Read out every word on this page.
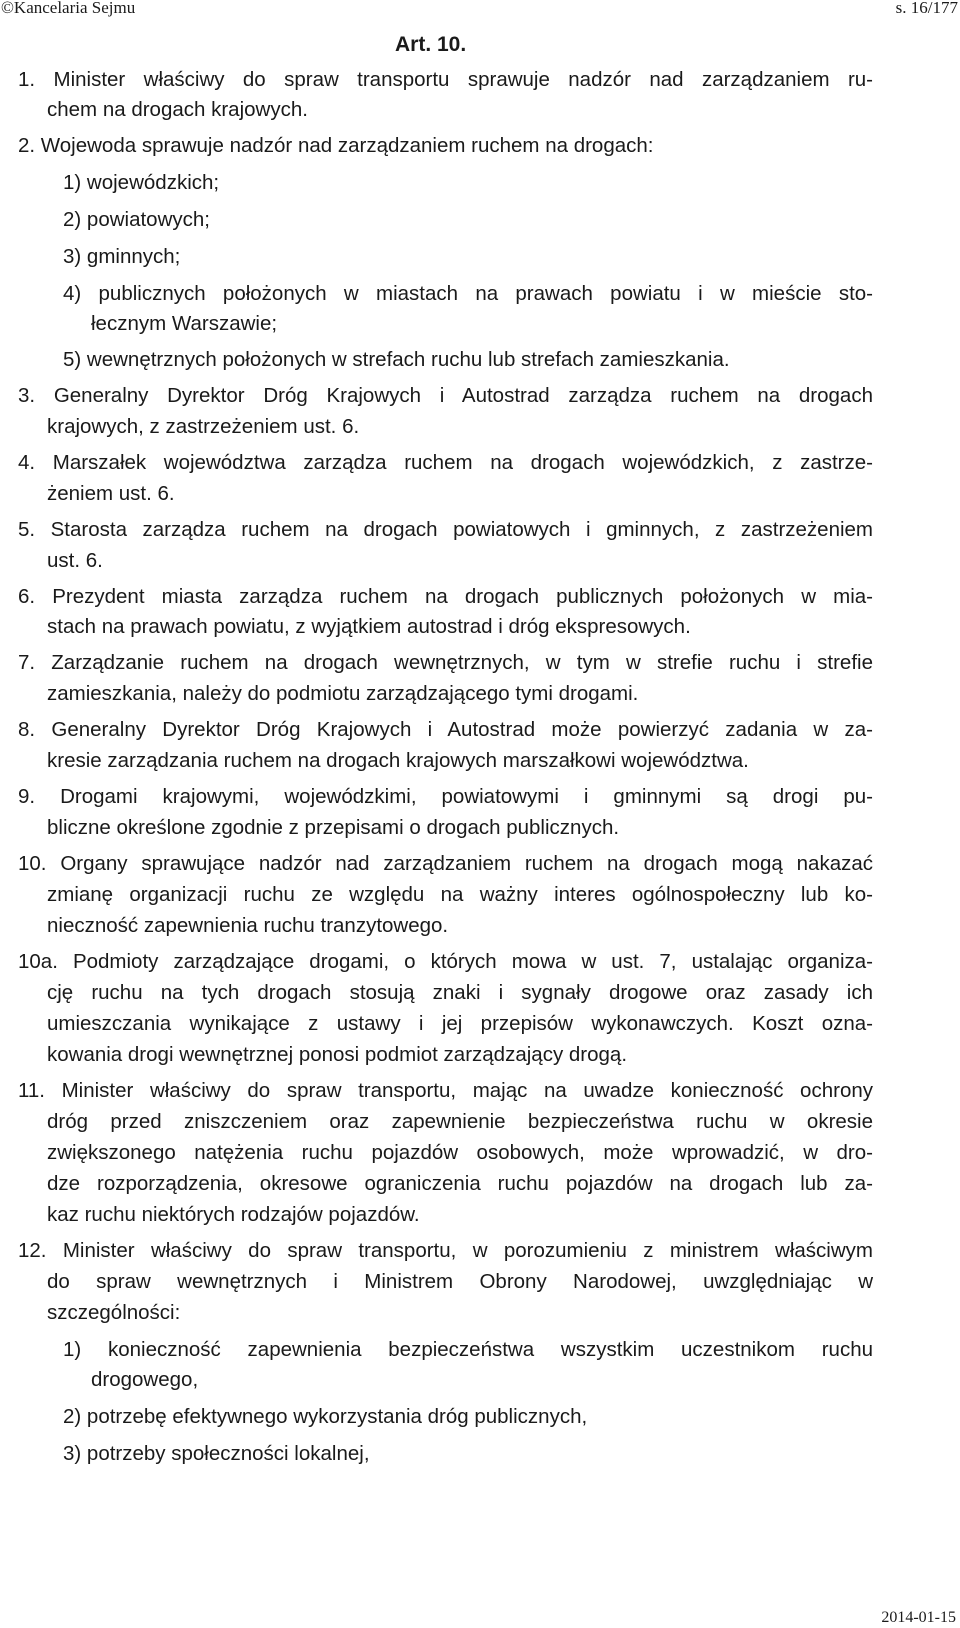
©Kancelaria Sejmu	s. 16/177
Art. 10.
1. Minister właściwy do spraw transportu sprawuje nadzór nad zarządzaniem ru-
chem na drogach krajowych.
2. Wojewoda sprawuje nadzór nad zarządzaniem ruchem na drogach:
1) wojewódzkich;
2) powiatowych;
3) gminnych;
4) publicznych położonych w miastach na prawach powiatu i w mieście sto-
łecznym Warszawie;
5) wewnętrznych położonych w strefach ruchu lub strefach zamieszkania.
3. Generalny Dyrektor Dróg Krajowych i Autostrad zarządza ruchem na drogach
krajowych, z zastrzeżeniem ust. 6.
4. Marszałek województwa zarządza ruchem na drogach wojewódzkich, z zastrze-
żeniem ust. 6.
5. Starosta zarządza ruchem na drogach powiatowych i gminnych, z zastrzeżeniem
ust. 6.
6. Prezydent miasta zarządza ruchem na drogach publicznych położonych w mia-
stach na prawach powiatu, z wyjątkiem autostrad i dróg ekspresowych.
7. Zarządzanie ruchem na drogach wewnętrznych, w tym w strefie ruchu i strefie
zamieszkania, należy do podmiotu zarządzającego tymi drogami.
8. Generalny Dyrektor Dróg Krajowych i Autostrad może powierzyć zadania w za-
kresie zarządzania ruchem na drogach krajowych marszałkowi województwa.
9. Drogami krajowymi, wojewódzkimi, powiatowymi i gminnymi są drogi pu-
bliczne określone zgodnie z przepisami o drogach publicznych.
10. Organy sprawujące nadzór nad zarządzaniem ruchem na drogach mogą nakazać
zmianę organizacji ruchu ze względu na ważny interes ogólnospołeczny lub ko-
nieczność zapewnienia ruchu tranzytowego.
10a. Podmioty zarządzające drogami, o których mowa w ust. 7, ustalając organiza-
cję ruchu na tych drogach stosują znaki i sygnały drogowe oraz zasady ich
umieszczania wynikające z ustawy i jej przepisów wykonawczych. Koszt ozna-
kowania drogi wewnętrznej ponosi podmiot zarządzający drogą.
11. Minister właściwy do spraw transportu, mając na uwadze konieczność ochrony
dróg przed zniszczeniem oraz zapewnienie bezpieczeństwa ruchu w okresie
zwiększonego natężenia ruchu pojazdów osobowych, może wprowadzić, w dro-
dze rozporządzenia, okresowe ograniczenia ruchu pojazdów na drogach lub za-
kaz ruchu niektórych rodzajów pojazdów.
12. Minister właściwy do spraw transportu, w porozumieniu z ministrem właściwym
do spraw wewnętrznych i Ministrem Obrony Narodowej, uwzględniając w
szczególności:
1) konieczność zapewnienia bezpieczeństwa wszystkim uczestnikom ruchu
drogowego,
2) potrzebę efektywnego wykorzystania dróg publicznych,
3) potrzeby społeczności lokalnej,
2014-01-15
